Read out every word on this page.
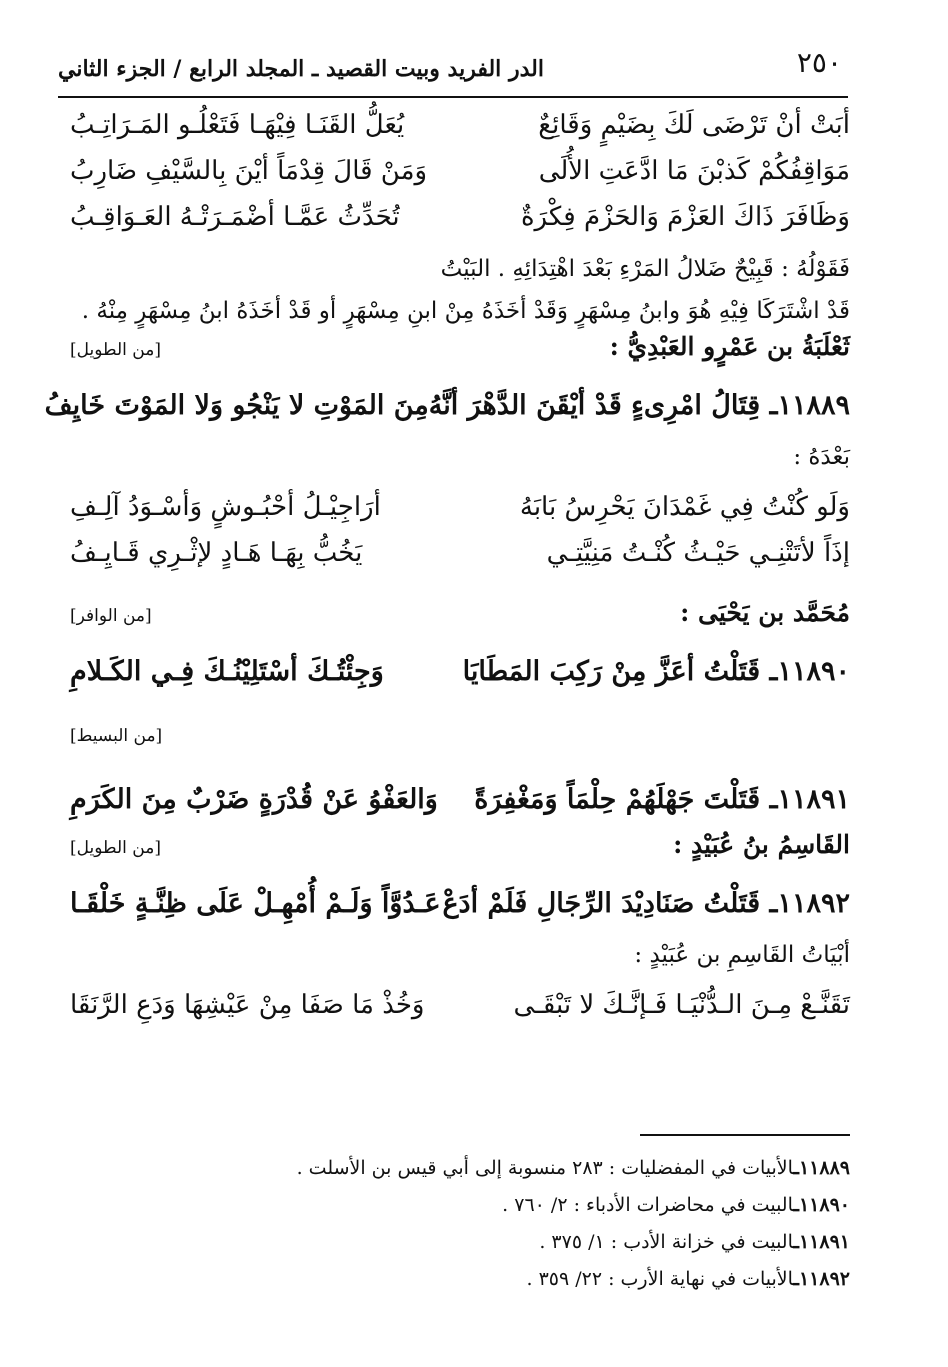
٢٥٠
الدر الفريد وبيت القصيد ـ المجلد الرابع / الجزء الثاني
أبَتْ أنْ تَرْضَى لَكَ بِضَيْمٍ وَقَائِعٌ
يُعَلُّ القَنَـا فِيْهَـا فَتَعْلُـو المَـرَاتِـبُ
مَوَاقِفُكُمْ كَذبْنَ مَا ادَّعَتِ الأُلَى
وَمَنْ قَالَ قِدْمَاً أيْنَ بِالسَّيْفِ ضَارِبُ
وَظَافَرَ ذَاكَ العَزْمَ وَالحَزْمَ فِكْرَةٌ
تُحَدِّثُ عَمَّـا أضْمَـرَتْـهُ العَـوَاقِـبُ
فَقَوْلُهُ : قَبِيْحٌ ضَلالُ المَرْءِ بَعْدَ اهْتِدَائِهِ . البَيْتُ
قَدْ اشْتَرَكَا فِيْهِ هُوَ وابنُ مِسْهَرٍ وَقَدْ أخَذَهُ مِنْ ابنِ مِسْهَرٍ أو قَدْ أخَذَهُ ابنُ مِسْهَرٍ مِنْهُ .
ثَعْلَبَةُ بن عَمْرٍو العَبْدِيُّ :
[من الطويل]
١١٨٨٩ـ قِتَالُ امْرِىءٍ قَدْ أيْقَنَ الدَّهْرَ أنَّهُ
مِنَ المَوْتِ لا يَنْجُو وَلا المَوْتَ خَايِفُ
بَعْدَهُ :
وَلَو كُنْتُ فِي غَمْدَانَ يَحْرِسُ بَابَهُ
أرَاجِيْـلُ أحْبُـوشٍ وَأسْـوَدُ آلِـفِ
إذَاً لأتَتْنِـي حَيْـثُ كُنْـتُ مَنِيَّتِـي
يَخُبُّ بِهَـا هَـادٍ لإثْـرِي قَـايِـفُ
مُحَمَّد بن يَحْيَى :
[من الوافر]
١١٨٩٠ـ قَتَلْتُ أعَزَّ مِنْ رَكِبَ المَطَايَا
وَجِئْتُـكَ أسْتَلِيْنُـكَ فِـي الكَـلامِ
[من البسيط]
١١٨٩١ـ قَتَلْتَ جَهْلَهُمْ حِلْمَاً وَمَغْفِرَةً
وَالعَفْوُ عَنْ قُدْرَةٍ ضَرْبٌ مِنَ الكَرَمِ
القَاسِمُ بنُ عُبَيْدٍ :
[من الطويل]
١١٨٩٢ـ قَتَلْتُ صَنَادِيْدَ الرِّجَالِ فَلَمْ أدَعْ
عَـدُوَّاً وَلَـمْ أُمْهِـلْ عَلَى ظِنَّـةٍ خَلْقَـا
أبْيَاتُ القَاسِمِ بن عُبَيْدٍ :
تَقَنَّـعْ مِـنَ الـدُّنْيَـا فَـإنَّـكَ لا تَبْقَـى
وَخُذْ مَا صَفَا مِنْ عَيْشِهَا وَدَعِ الرَّنَقَا
١١٨٨٩ـالأبيات في المفضليات : ٢٨٣ منسوبة إلى أبي قيس بن الأسلت .
١١٨٩٠ـالبيت في محاضرات الأدباء : ٢/ ٧٦٠ .
١١٨٩١ـالبيت في خزانة الأدب : ١/ ٣٧٥ .
١١٨٩٢ـالأبيات في نهاية الأرب : ٢٢/ ٣٥٩ .
